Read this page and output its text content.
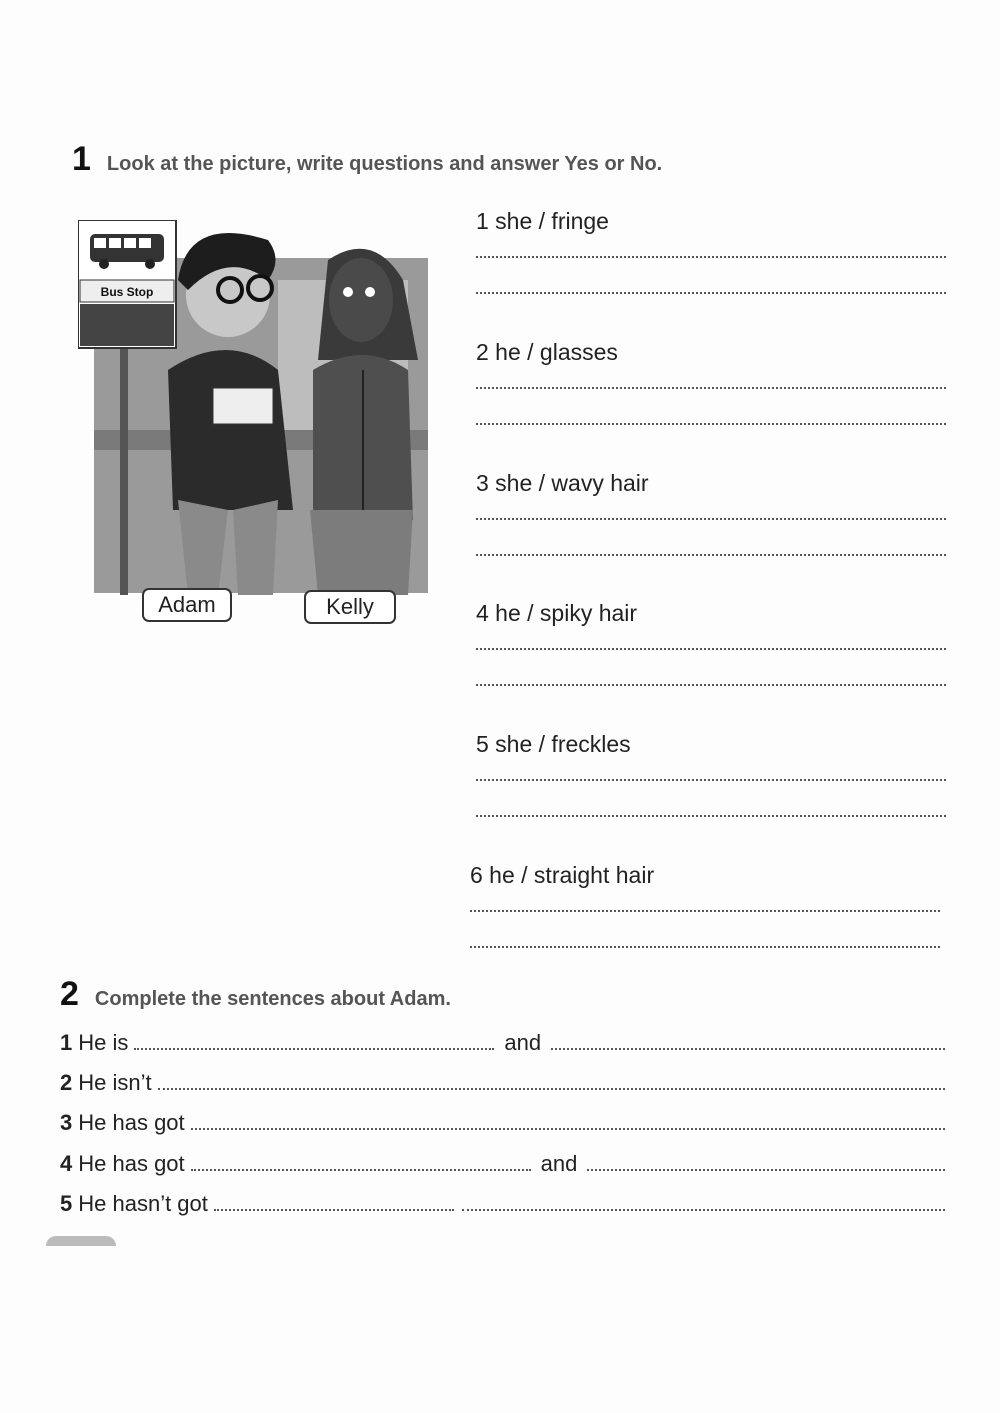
1 Look at the picture, write questions and answer Yes or No.
Bus Stop
Adam	Kelly
1 she / fringe
2 he / glasses
3 she / wavy hair
4 he / spiky hair
5 she / freckles
6 he / straight hair
2 Complete the sentences about Adam.
1 He is	and
2 He isn’t
3 He has got
4 He has got	and
5 He hasn’t got
